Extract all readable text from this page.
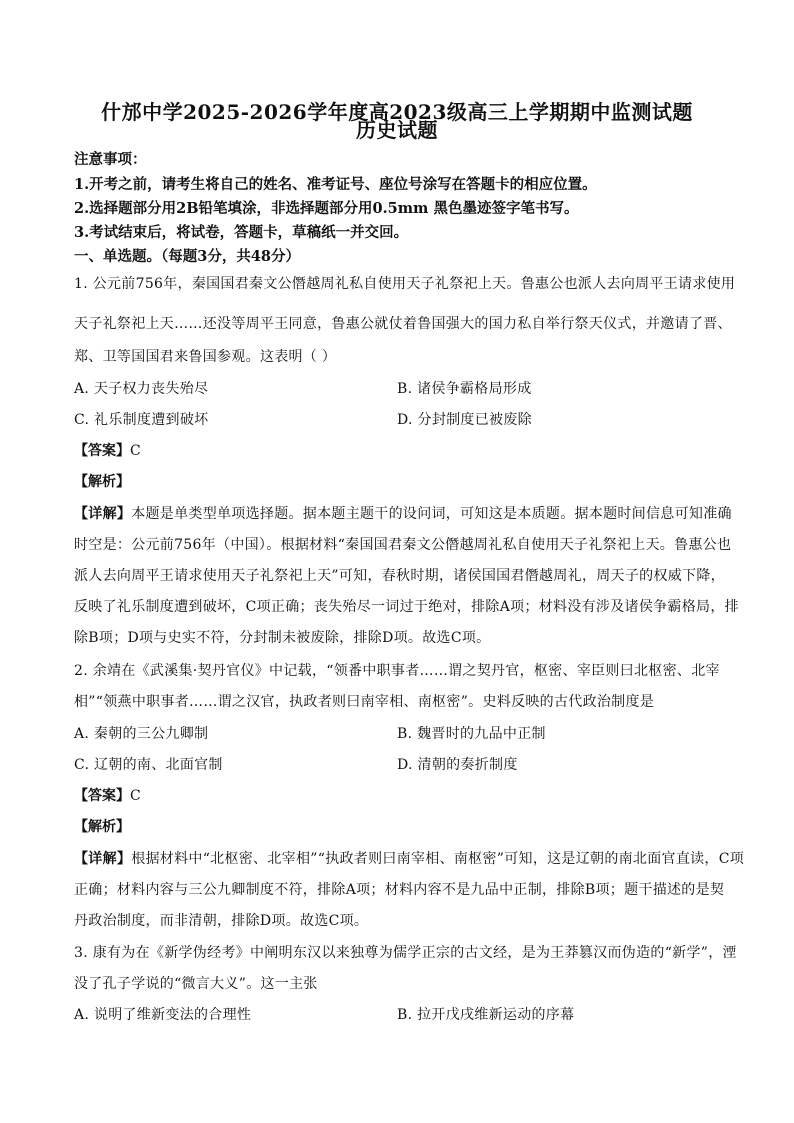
什邡中学2025-2026学年度高2023级高三上学期期中监测试题
历史试题
注意事项：
1.开考之前，请考生将自己的姓名、准考证号、座位号涂写在答题卡的相应位置。
2.选择题部分用2B铅笔填涂，非选择题部分用0.5mm 黑色墨迹签字笔书写。
3.考试结束后，将试卷，答题卡，草稿纸一并交回。
一、单选题。（每题3分，共48分）
1. 公元前756年，秦国国君秦文公僭越周礼私自使用天子礼祭祀上天。鲁惠公也派人去向周平王请求使用
天子礼祭祀上天……还没等周平王同意，鲁惠公就仗着鲁国强大的国力私自举行祭天仪式，并邀请了晋、
郑、卫等国国君来鲁国参观。这表明（ ）
A. 天子权力丧失殆尽	B. 诸侯争霸格局形成
C. 礼乐制度遭到破坏	D. 分封制度已被废除
【答案】C
【解析】
【详解】本题是单类型单项选择题。据本题主题干的设问词，可知这是本质题。据本题时间信息可知准确
时空是：公元前756年（中国）。根据材料“秦国国君秦文公僭越周礼私自使用天子礼祭祀上天。鲁惠公也
派人去向周平王请求使用天子礼祭祀上天”可知，春秋时期，诸侯国国君僭越周礼，周天子的权威下降，
反映了礼乐制度遭到破坏，C项正确；丧失殆尽一词过于绝对，排除A项；材料没有涉及诸侯争霸格局，排
除B项；D项与史实不符，分封制未被废除，排除D项。故选C项。
2. 余靖在《武溪集·契丹官仪》中记载，“领番中职事者……谓之契丹官，枢密、宰臣则曰北枢密、北宰
相”“领燕中职事者……谓之汉官，执政者则曰南宰相、南枢密”。史料反映的古代政治制度是
A. 秦朝的三公九卿制	B. 魏晋时的九品中正制
C. 辽朝的南、北面官制	D. 清朝的奏折制度
【答案】C
【解析】
【详解】根据材料中“北枢密、北宰相”“执政者则曰南宰相、南枢密”可知，这是辽朝的南北面官直读，C项
正确；材料内容与三公九卿制度不符，排除A项；材料内容不是九品中正制，排除B项；题干描述的是契
丹政治制度，而非清朝，排除D项。故选C项。
3. 康有为在《新学伪经考》中阐明东汉以来独尊为儒学正宗的古文经，是为王莽篡汉而伪造的“新学”，湮
没了孔子学说的“微言大义”。这一主张
A. 说明了维新变法的合理性	B. 拉开戊戌维新运动的序幕
